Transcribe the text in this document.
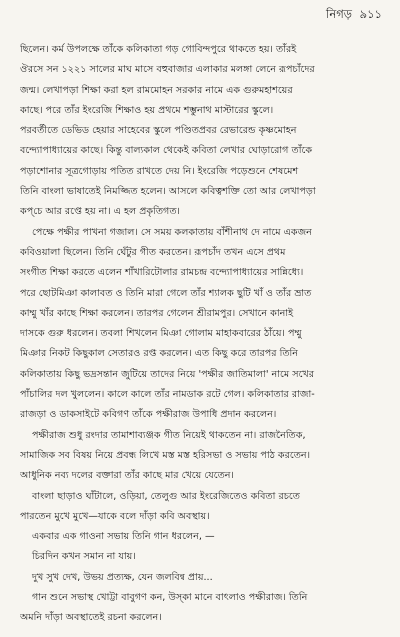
নিগড় ৯১১
ছিলেন। কর্ম উপলক্ষে তাঁকে কলিকাতা গড় গোবিন্দপুরে থাকতে হয়। তাঁরই
ঔরসে সন ১২২১ সালের মাঘ মাসে বহুবাজার এলাকার মলঙ্গা লেনে রূপচাঁদের
জন্ম। লেখাপড়া শিক্ষা করা হল রামমোহন সরকার নামে এক গুরুমহাশয়ের
কাছে। পরে তাঁর ইংরেজি শিক্ষাও হয় প্রথমে শম্ভুনাথ মাস্টারের স্কুলে।
পরবর্তীতে ডেভিড হেয়ার সাহেবের স্কুলে পণ্ডিতপ্রবর রেভারেন্ড কৃষ্ণমোহন
বন্দ্যোপাধ্যায়ের কাছে। কিন্তু বাল্যকাল থেকেই কবিতা লেখার ঘোড়ারোগ তাঁকে
পড়াশোনার সূত্রগোড়ায় পতিত রাখতে দেয় নি। ইংরেজি পড়েশুনে শেষমেশ
তিনি বাংলা ভাষাতেই নিমজ্জিত হলেন। আসলে কবিত্বশক্তি তো আর লেখাপড়া
কপ্‌চে আর রপ্তে হয় না। এ হল প্রকৃতিগত।
পেক্ষে পক্ষীর পাখনা গজাল। সে সময় কলকাতায় বাঁশীনাথ দে নামে একজন
কবিওয়ালা ছিলেন। তিনি ঘেঁটুর গীত করতেন। রূপচাঁদ তখন এসে প্রথম
সংগীত শিক্ষা করতে এলেন শাঁখারিটোলার রামচন্দ্র বন্দ্যোপাধ্যায়ের সান্নিধ্যে।
পরে ছোটমিঞা কালাবত ও তিনি মারা গেলে তাঁর শ্যালক ছুটি খাঁ ও তাঁর ভ্রাত
কাম্মু খাঁর কাছে শিক্ষা করলেন। তারপর গেলেন শ্রীরামপুর। সেখানে কানাই
দাসকে গুরু ধরলেন। তবলা শিখলেন মিঞা গোলাম মাহাকবারের ঠাঁয়ে। পম্মু
মিঞার নিকট কিছুকাল সেতারও রপ্ত করলেন। এত কিছু করে তারপর তিনি
কলিকাতায় কিছু ভদ্রসন্তান জুটিয়ে তাদের নিয়ে 'পক্ষীর জাতিমালা' নামে সখের
পাঁচালির দল খুললেন। কালে কালে তাঁর নামডাক রটে গেল। কলিকাতার রাজা-
রাজড়া ও ডাকসাইটে কবিগণ তাঁকে পক্ষীরাজ উপাধি প্রদান করলেন।
পক্ষীরাজ শুধু রংদার তামাশাব্যঞ্জক গীত নিয়েই থাকতেন না। রাজনৈতিক,
সামাজিক সব বিষয় নিয়ে প্রবন্ধ লিখে মস্ত মস্ত হরিসভা ও সভায় পাঠ করতেন।
আধুনিক নব্য দলের বক্তারা তাঁর কাছে মার খেয়ে যেতেন।
বাংলা ছাড়াও ঘাঁটালে, ওড়িয়া, তেলুগু আর ইংরেজিতেও কবিতা রচতে
পারতেন মুখে মুখে—যাকে বলে দাঁড়া কবি অবস্থায়।
একবার এক গাওনা সভায় তিনি গান ধরলেন, —
চিরদিন কখন সমান না যায়।
দুখ সুখ দেখ, উভয় প্রত্যক্ষ, যেন জলবিন্ব প্রায়...
গান শুনে সভাস্থ খোট্টা বাবুগণ কন, উস্‌কা মানে বাৎলাও পক্ষীরাজ। তিনি
অমনি দাঁড়া অবস্থাতেই রচনা করলেন।
